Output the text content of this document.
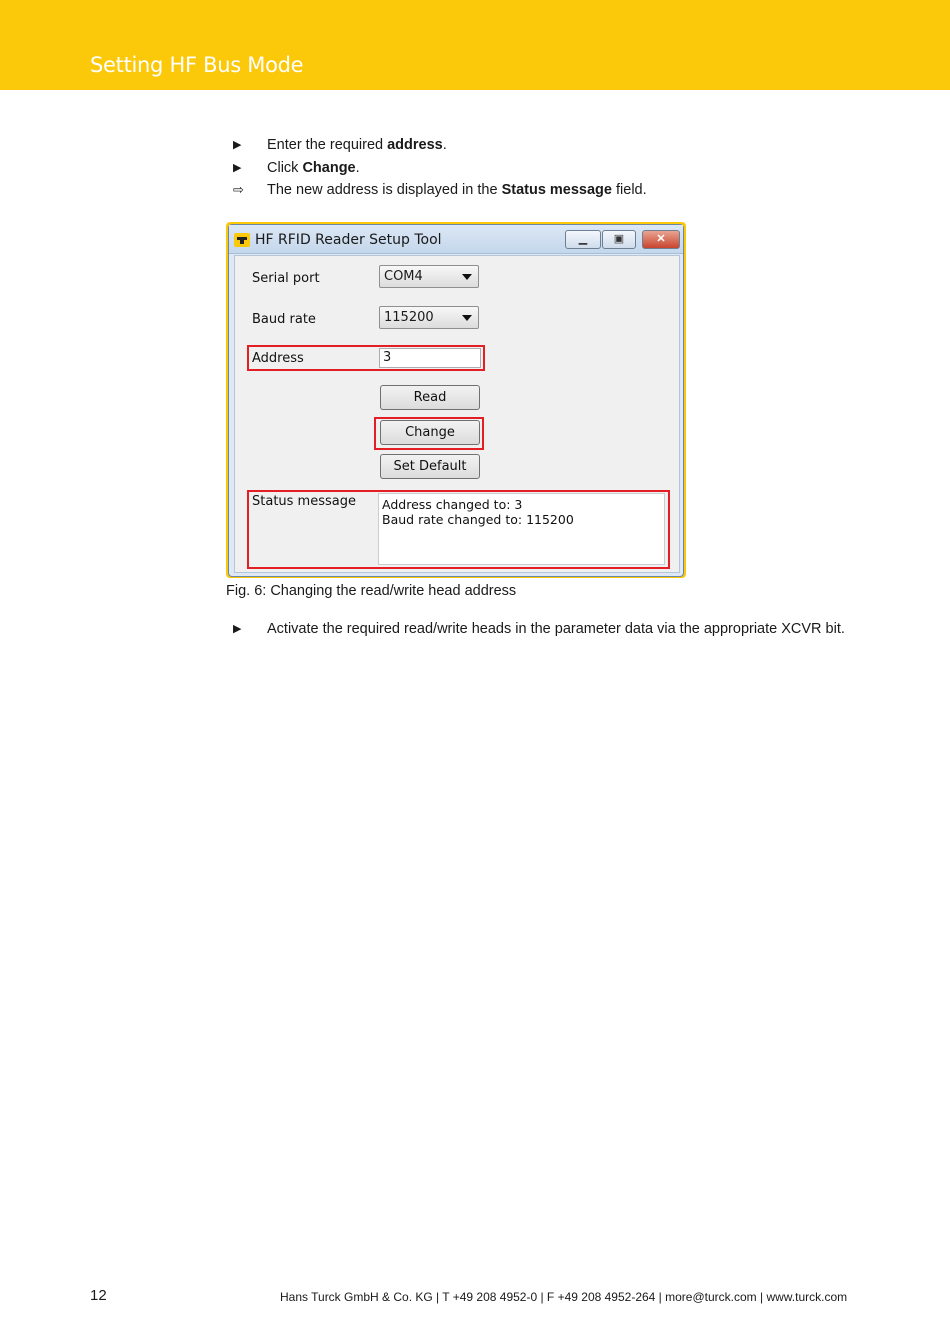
Setting HF Bus Mode
▶	Enter the required address.
▶	Click Change.
⇨	The new address is displayed in the Status message field.
HF RFID Reader Setup Tool	▁	▣	✕
Serial port	COM4
Baud rate	115200
Address	3
Read
Change
Set Default
Status message Address changed to: 3
Baud rate changed to: 115200
Fig. 6: Changing the read/write head address
▶ Activate the required read/write heads in the parameter data via the appropriate XCVR bit.
12	Hans Turck GmbH & Co. KG | T +49 208 4952-0 | F +49 208 4952-264 | more@turck.com | www.turck.com
